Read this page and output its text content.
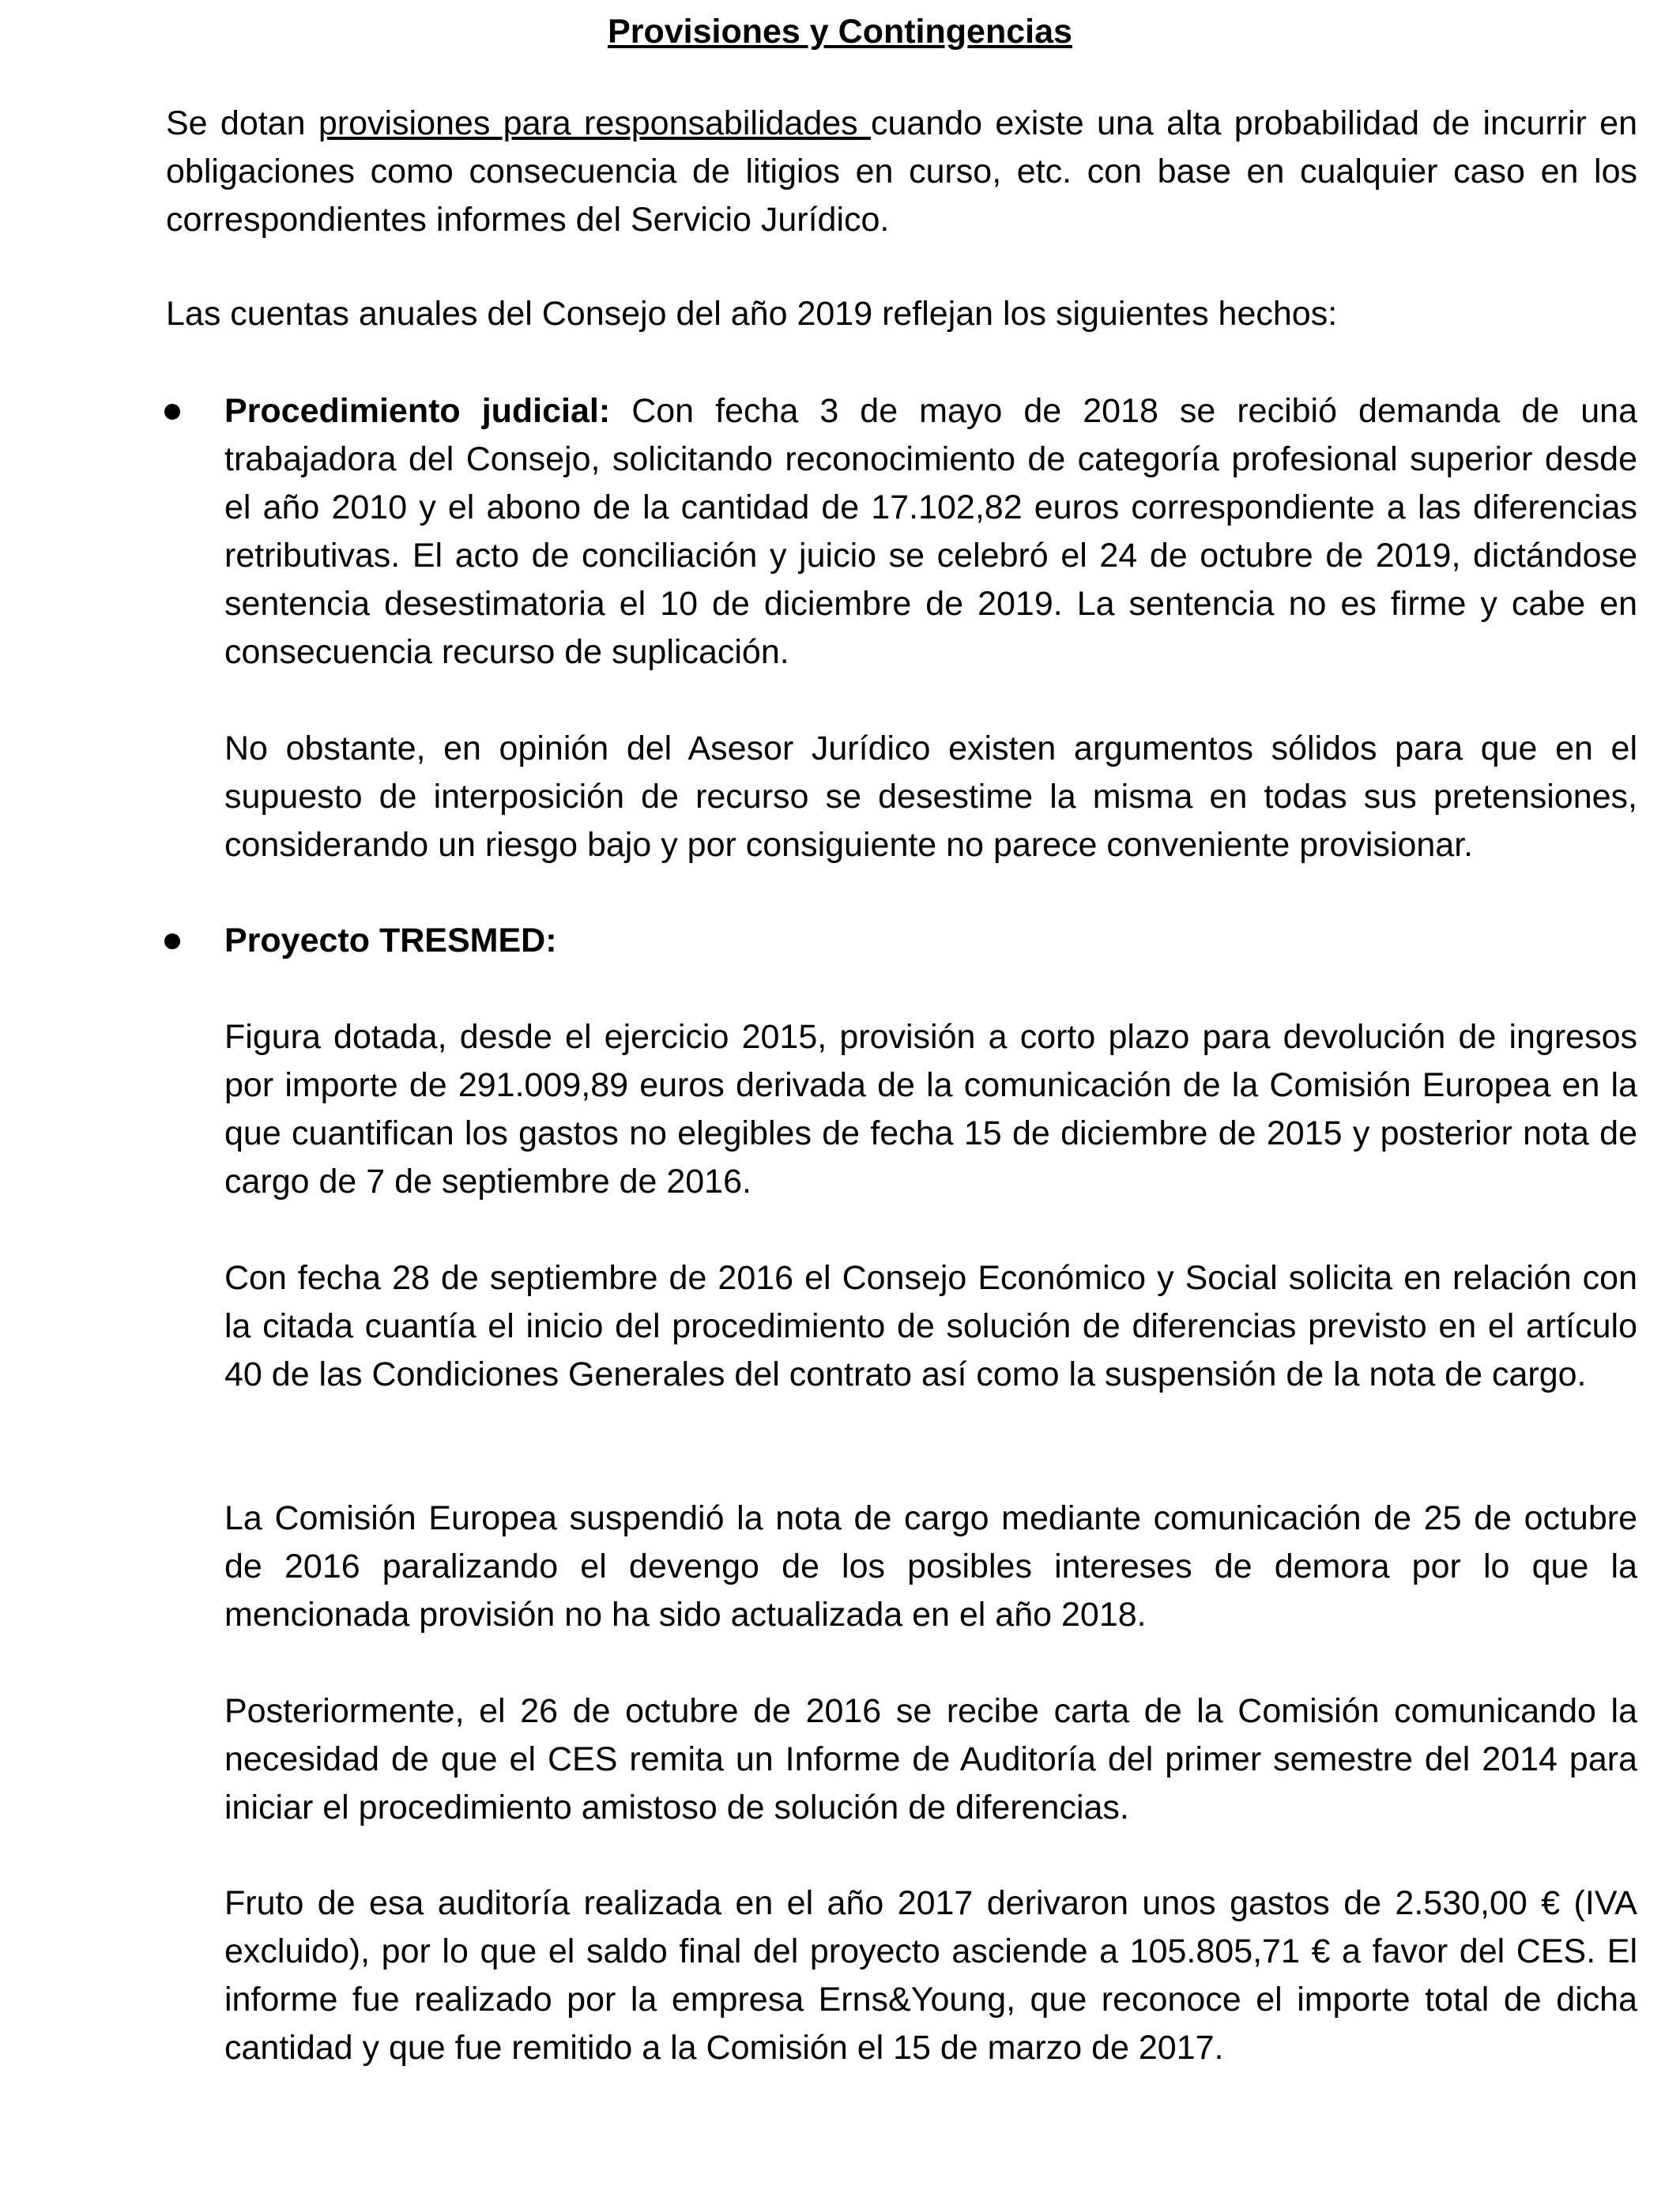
Provisiones y Contingencias

Se dotan provisiones para responsabilidades cuando existe una alta probabilidad de incurrir en obligaciones como consecuencia de litigios en curso, etc. con base en cualquier caso en los correspondientes informes del Servicio Jurídico.

Las cuentas anuales del Consejo del año 2019 reflejan los siguientes hechos:

Procedimiento judicial: Con fecha 3 de mayo de 2018 se recibió demanda de una trabajadora del Consejo, solicitando reconocimiento de categoría profesional superior desde el año 2010 y el abono de la cantidad de 17.102,82 euros correspondiente a las diferencias retributivas. El acto de conciliación y juicio se celebró el 24 de octubre de 2019, dictándose sentencia desestimatoria el 10 de diciembre de 2019. La sentencia no es firme y cabe en consecuencia recurso de suplicación.

No obstante, en opinión del Asesor Jurídico existen argumentos sólidos para que en el supuesto de interposición de recurso se desestime la misma en todas sus pretensiones, considerando un riesgo bajo y por consiguiente no parece conveniente provisionar.

Proyecto TRESMED:

Figura dotada, desde el ejercicio 2015, provisión a corto plazo para devolución de ingresos por importe de 291.009,89 euros derivada de la comunicación de la Comisión Europea en la que cuantifican los gastos no elegibles de fecha 15 de diciembre de 2015 y posterior nota de cargo de 7 de septiembre de 2016.

Con fecha 28 de septiembre de 2016 el Consejo Económico y Social solicita en relación con la citada cuantía el inicio del procedimiento de solución de diferencias previsto en el artículo 40 de las Condiciones Generales del contrato así como la suspensión de la nota de cargo.

La Comisión Europea suspendió la nota de cargo mediante comunicación de 25 de octubre de 2016 paralizando el devengo de los posibles intereses de demora por lo que la mencionada provisión no ha sido actualizada en el año 2018.

Posteriormente, el 26 de octubre de 2016 se recibe carta de la Comisión comunicando la necesidad de que el CES remita un Informe de Auditoría del primer semestre del 2014 para iniciar el procedimiento amistoso de solución de diferencias.

Fruto de esa auditoría realizada en el año 2017 derivaron unos gastos de 2.530,00 € (IVA excluido), por lo que el saldo final del proyecto asciende a 105.805,71 € a favor del CES. El informe fue realizado por la empresa Erns&Young, que reconoce el importe total de dicha cantidad y que fue remitido a la Comisión el 15 de marzo de 2017.
